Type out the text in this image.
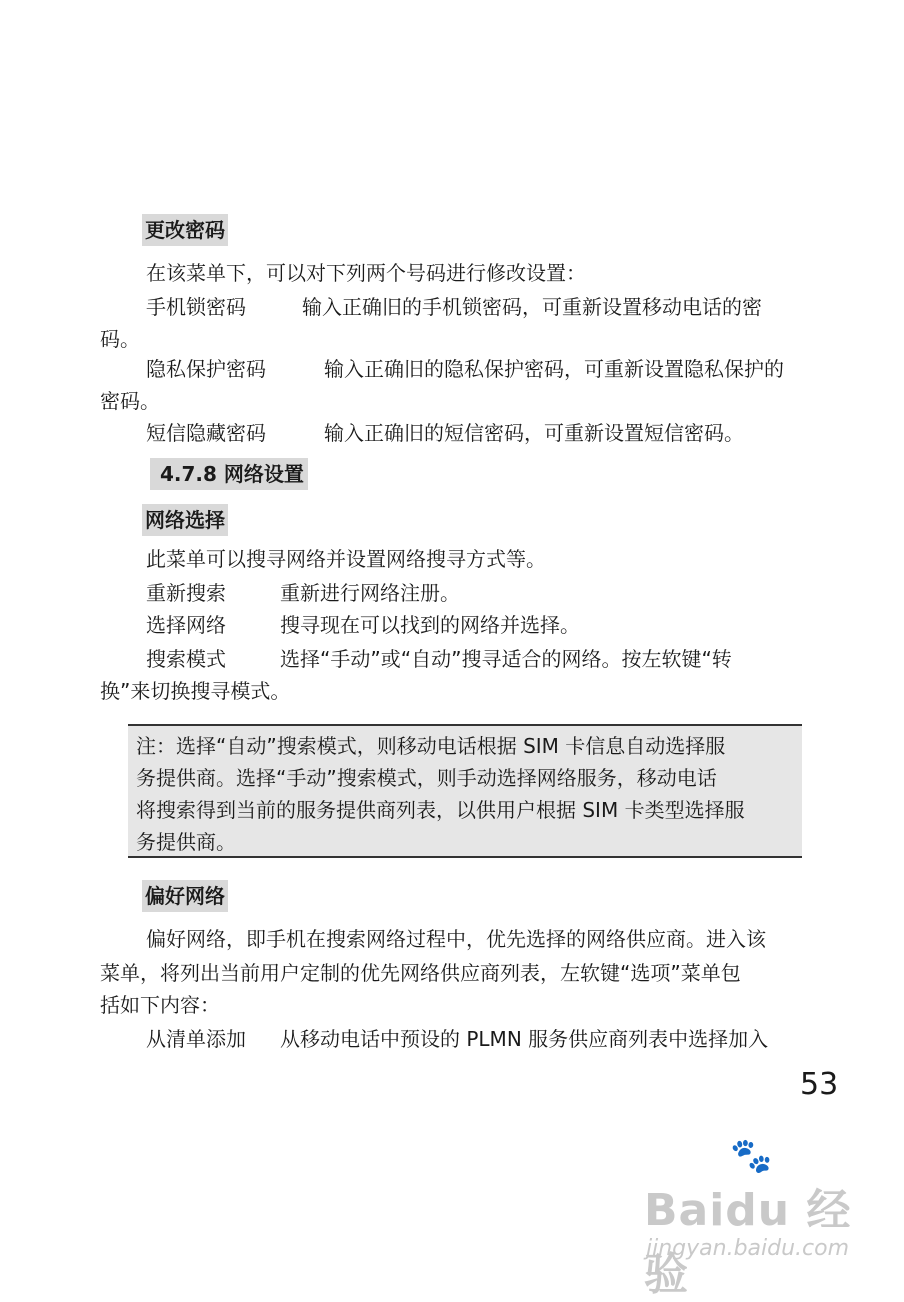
更改密码
在该菜单下，可以对下列两个号码进行修改设置：
手机锁密码	输入正确旧的手机锁密码，可重新设置移动电话的密
码。
隐私保护密码	输入正确旧的隐私保护密码，可重新设置隐私保护的
密码。
短信隐藏密码	输入正确旧的短信密码，可重新设置短信密码。
4.7.8 网络设置
网络选择
此菜单可以搜寻网络并设置网络搜寻方式等。
重新搜索	重新进行网络注册。
选择网络	搜寻现在可以找到的网络并选择。
搜索模式	选择“手动”或“自动”搜寻适合的网络。按左软键“转
换”来切换搜寻模式。
注：选择“自动”搜索模式，则移动电话根据 SIM 卡信息自动选择服
务提供商。选择“手动”搜索模式，则手动选择网络服务，移动电话
将搜索得到当前的服务提供商列表，以供用户根据 SIM 卡类型选择服
务提供商。
偏好网络
偏好网络，即手机在搜索网络过程中，优先选择的网络供应商。进入该
菜单，将列出当前用户定制的优先网络供应商列表，左软键“选项”菜单包
括如下内容：
从清单添加 从移动电话中预设的 PLMN 服务供应商列表中选择加入
53
🐾
Baidu 经验
jingyan.baidu.com
